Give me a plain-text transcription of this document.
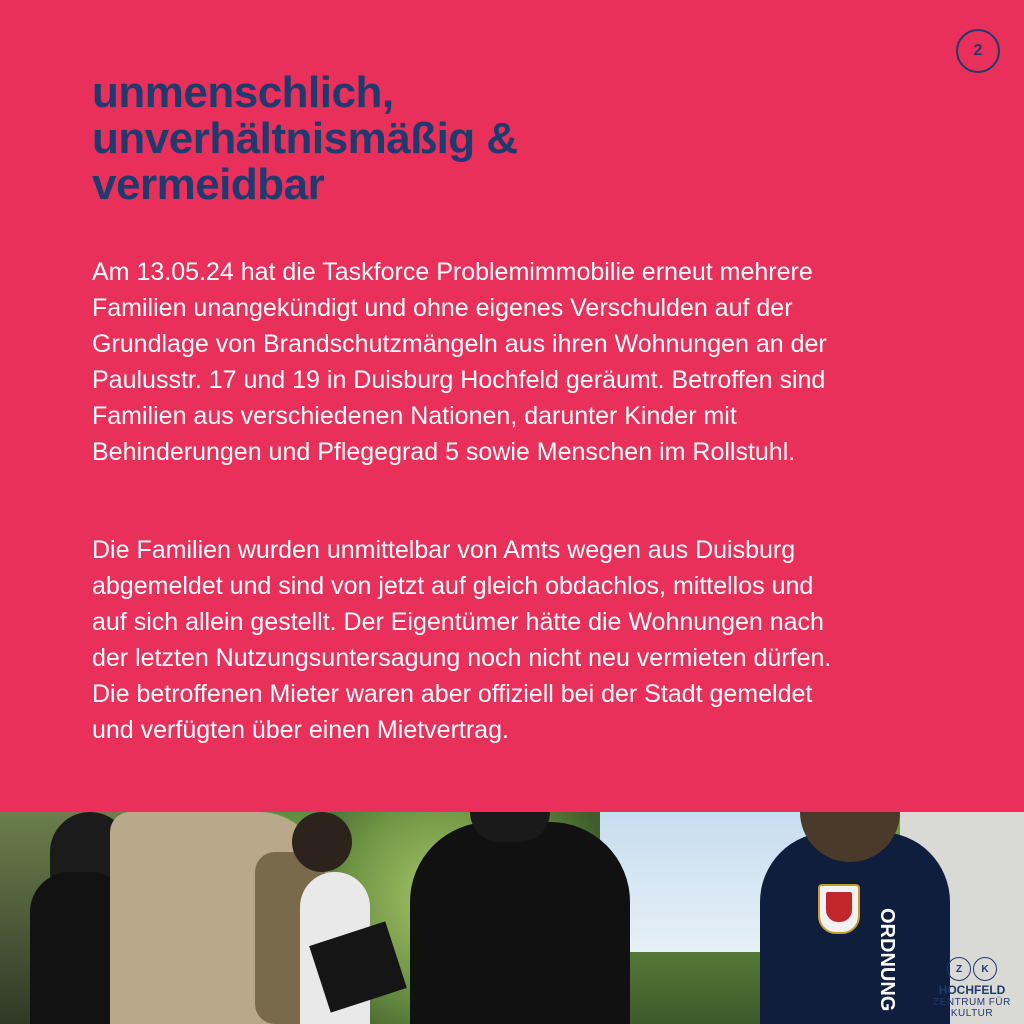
2
unmenschlich,
unverhältnismäßig &
vermeidbar
Am 13.05.24 hat die Taskforce Problemimmobilie erneut mehrere
Familien unangekündigt und ohne eigenes Verschulden auf der
Grundlage von Brandschutzmängeln aus ihren Wohnungen an der
Paulusstr. 17 und 19 in Duisburg Hochfeld geräumt. Betroffen sind
Familien aus verschiedenen Nationen, darunter Kinder mit
Behinderungen und Pflegegrad 5 sowie Menschen im Rollstuhl.
Die Familien wurden unmittelbar von Amts wegen aus Duisburg
abgemeldet und sind von jetzt auf gleich obdachlos, mittellos und
auf sich allein gestellt. Der Eigentümer hätte die Wohnungen nach
der letzten Nutzungsuntersagung noch nicht neu vermieten dürfen.
Die betroffenen Mieter waren aber offiziell bei der Stadt gemeldet
und verfügten über einen Mietvertrag.
ORDNUNG	Z	K
HOCHFELD
ZENTRUM FÜR KULTUR
